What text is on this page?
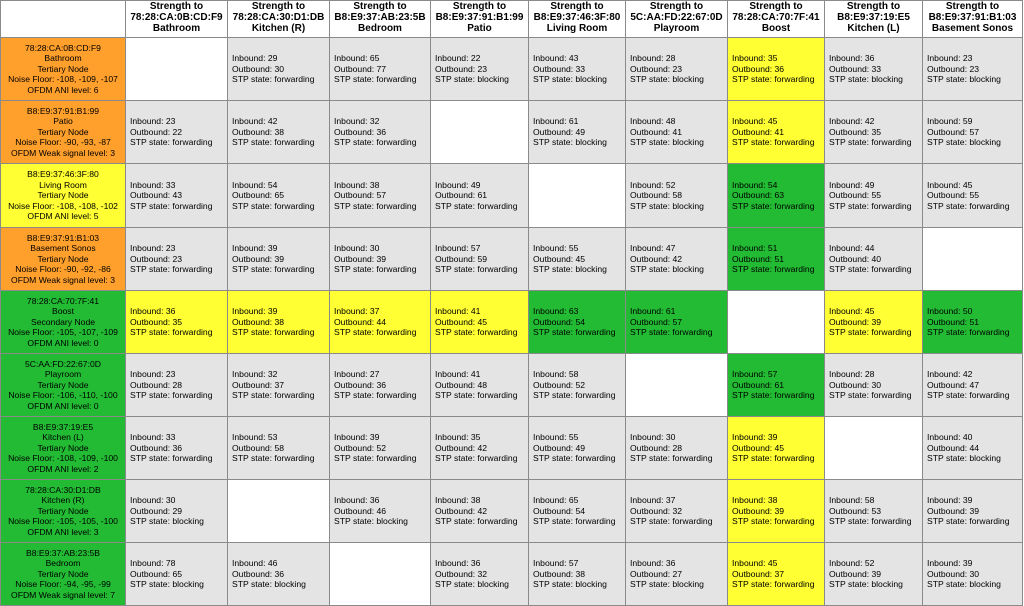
Strength to
78:28:CA:0B:CD:F9
Bathroom
Strength to
78:28:CA:30:D1:DB
Kitchen (R)
Strength to
B8:E9:37:AB:23:5B
Bedroom
Strength to
B8:E9:37:91:B1:99
Patio
Strength to
B8:E9:37:46:3F:80
Living Room
Strength to
5C:AA:FD:22:67:0D
Playroom
Strength to
78:28:CA:70:7F:41
Boost
Strength to
B8:E9:37:19:E5
Kitchen (L)
Strength to
B8:E9:37:91:B1:03
Basement Sonos
78:28:CA:0B:CD:F9
Bathroom
Tertiary Node
Noise Floor: -108, -109, -107
OFDM ANI level: 6
Inbound: 29
Outbound: 30
STP state: forwarding
Inbound: 65
Outbound: 77
STP state: forwarding
Inbound: 22
Outbound: 23
STP state: blocking
Inbound: 43
Outbound: 33
STP state: blocking
Inbound: 28
Outbound: 23
STP state: blocking
Inbound: 35
Outbound: 36
STP state: forwarding
Inbound: 36
Outbound: 33
STP state: blocking
Inbound: 23
Outbound: 23
STP state: blocking
B8:E9:37:91:B1:99
Patio
Tertiary Node
Noise Floor: -90, -93, -87
OFDM Weak signal level: 3
Inbound: 23
Outbound: 22
STP state: forwarding
Inbound: 42
Outbound: 38
STP state: forwarding
Inbound: 32
Outbound: 36
STP state: forwarding
Inbound: 61
Outbound: 49
STP state: blocking
Inbound: 48
Outbound: 41
STP state: blocking
Inbound: 45
Outbound: 41
STP state: forwarding
Inbound: 42
Outbound: 35
STP state: forwarding
Inbound: 59
Outbound: 57
STP state: blocking
B8:E9:37:46:3F:80
Living Room
Tertiary Node
Noise Floor: -108, -108, -102
OFDM ANI level: 5
Inbound: 33
Outbound: 43
STP state: forwarding
Inbound: 54
Outbound: 65
STP state: forwarding
Inbound: 38
Outbound: 57
STP state: forwarding
Inbound: 49
Outbound: 61
STP state: forwarding
Inbound: 52
Outbound: 58
STP state: blocking
Inbound: 54
Outbound: 63
STP state: forwarding
Inbound: 49
Outbound: 55
STP state: forwarding
Inbound: 45
Outbound: 55
STP state: forwarding
B8:E9:37:91:B1:03
Basement Sonos
Tertiary Node
Noise Floor: -90, -92, -86
OFDM Weak signal level: 3
Inbound: 23
Outbound: 23
STP state: forwarding
Inbound: 39
Outbound: 39
STP state: forwarding
Inbound: 30
Outbound: 39
STP state: forwarding
Inbound: 57
Outbound: 59
STP state: forwarding
Inbound: 55
Outbound: 45
STP state: blocking
Inbound: 47
Outbound: 42
STP state: blocking
Inbound: 51
Outbound: 51
STP state: forwarding
Inbound: 44
Outbound: 40
STP state: forwarding
78:28:CA:70:7F:41
Boost
Secondary Node
Noise Floor: -105, -107, -109
OFDM ANI level: 0
Inbound: 36
Outbound: 35
STP state: forwarding
Inbound: 39
Outbound: 38
STP state: forwarding
Inbound: 37
Outbound: 44
STP state: forwarding
Inbound: 41
Outbound: 45
STP state: forwarding
Inbound: 63
Outbound: 54
STP state: forwarding
Inbound: 61
Outbound: 57
STP state: forwarding
Inbound: 45
Outbound: 39
STP state: forwarding
Inbound: 50
Outbound: 51
STP state: forwarding
5C:AA:FD:22:67:0D
Playroom
Tertiary Node
Noise Floor: -106, -110, -100
OFDM ANI level: 0
Inbound: 23
Outbound: 28
STP state: forwarding
Inbound: 32
Outbound: 37
STP state: forwarding
Inbound: 27
Outbound: 36
STP state: forwarding
Inbound: 41
Outbound: 48
STP state: forwarding
Inbound: 58
Outbound: 52
STP state: forwarding
Inbound: 57
Outbound: 61
STP state: forwarding
Inbound: 28
Outbound: 30
STP state: forwarding
Inbound: 42
Outbound: 47
STP state: forwarding
B8:E9:37:19:E5
Kitchen (L)
Tertiary Node
Noise Floor: -108, -109, -100
OFDM ANI level: 2
Inbound: 33
Outbound: 36
STP state: forwarding
Inbound: 53
Outbound: 58
STP state: forwarding
Inbound: 39
Outbound: 52
STP state: forwarding
Inbound: 35
Outbound: 42
STP state: forwarding
Inbound: 55
Outbound: 49
STP state: forwarding
Inbound: 30
Outbound: 28
STP state: forwarding
Inbound: 39
Outbound: 45
STP state: forwarding
Inbound: 40
Outbound: 44
STP state: blocking
78:28:CA:30:D1:DB
Kitchen (R)
Tertiary Node
Noise Floor: -105, -105, -100
OFDM ANI level: 3
Inbound: 30
Outbound: 29
STP state: blocking
Inbound: 36
Outbound: 46
STP state: blocking
Inbound: 38
Outbound: 42
STP state: forwarding
Inbound: 65
Outbound: 54
STP state: forwarding
Inbound: 37
Outbound: 32
STP state: forwarding
Inbound: 38
Outbound: 39
STP state: forwarding
Inbound: 58
Outbound: 53
STP state: forwarding
Inbound: 39
Outbound: 39
STP state: forwarding
B8:E9:37:AB:23:5B
Bedroom
Tertiary Node
Noise Floor: -94, -95, -99
OFDM Weak signal level: 7
Inbound: 78
Outbound: 65
STP state: blocking
Inbound: 46
Outbound: 36
STP state: blocking
Inbound: 36
Outbound: 32
STP state: blocking
Inbound: 57
Outbound: 38
STP state: blocking
Inbound: 36
Outbound: 27
STP state: blocking
Inbound: 45
Outbound: 37
STP state: forwarding
Inbound: 52
Outbound: 39
STP state: blocking
Inbound: 39
Outbound: 30
STP state: blocking
